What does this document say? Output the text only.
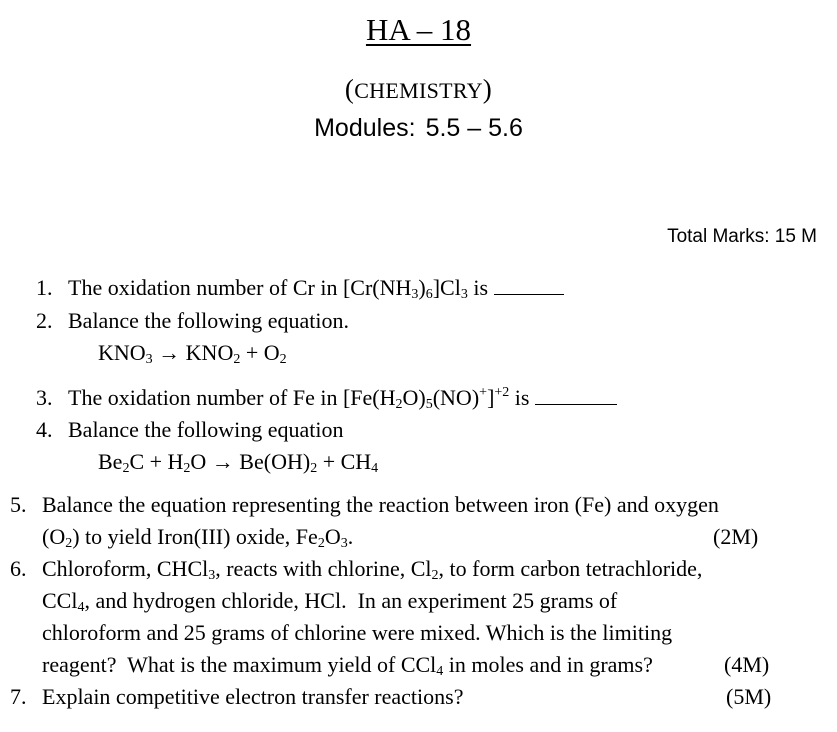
HA – 18
(CHEMISTRY)
Modules: 5.5 – 5.6
Total Marks: 15 M
1. The oxidation number of Cr in $[Cr(NH_3)_6]Cl_3$ is
2. Balance the following equation.
$KNO_3 \to KNO_2 + O_2$
3. The oxidation number of Fe in $[Fe(H_2O)_5(NO)^+]^{+2}$ is
4. Balance the following equation
$Be_2C + H_2O \to Be(OH)_2 + CH_4$
5. Balance the equation representing the reaction between iron (Fe) and oxygen
$(O_2)$ to yield Iron(III) oxide, $Fe_2O_3$.	(2M)
6. Chloroform, CHCl$_3$, reacts with chlorine, $Cl_2$, to form carbon tetrachloride,
CCl$_4$, and hydrogen chloride, HCl.  In an experiment 25 grams of
chloroform and 25 grams of chlorine were mixed. Which is the limiting
reagent?  What is the maximum yield of CCl$_4$ in moles and in grams?	(4M)
7. Explain competitive electron transfer reactions?	(5M)
